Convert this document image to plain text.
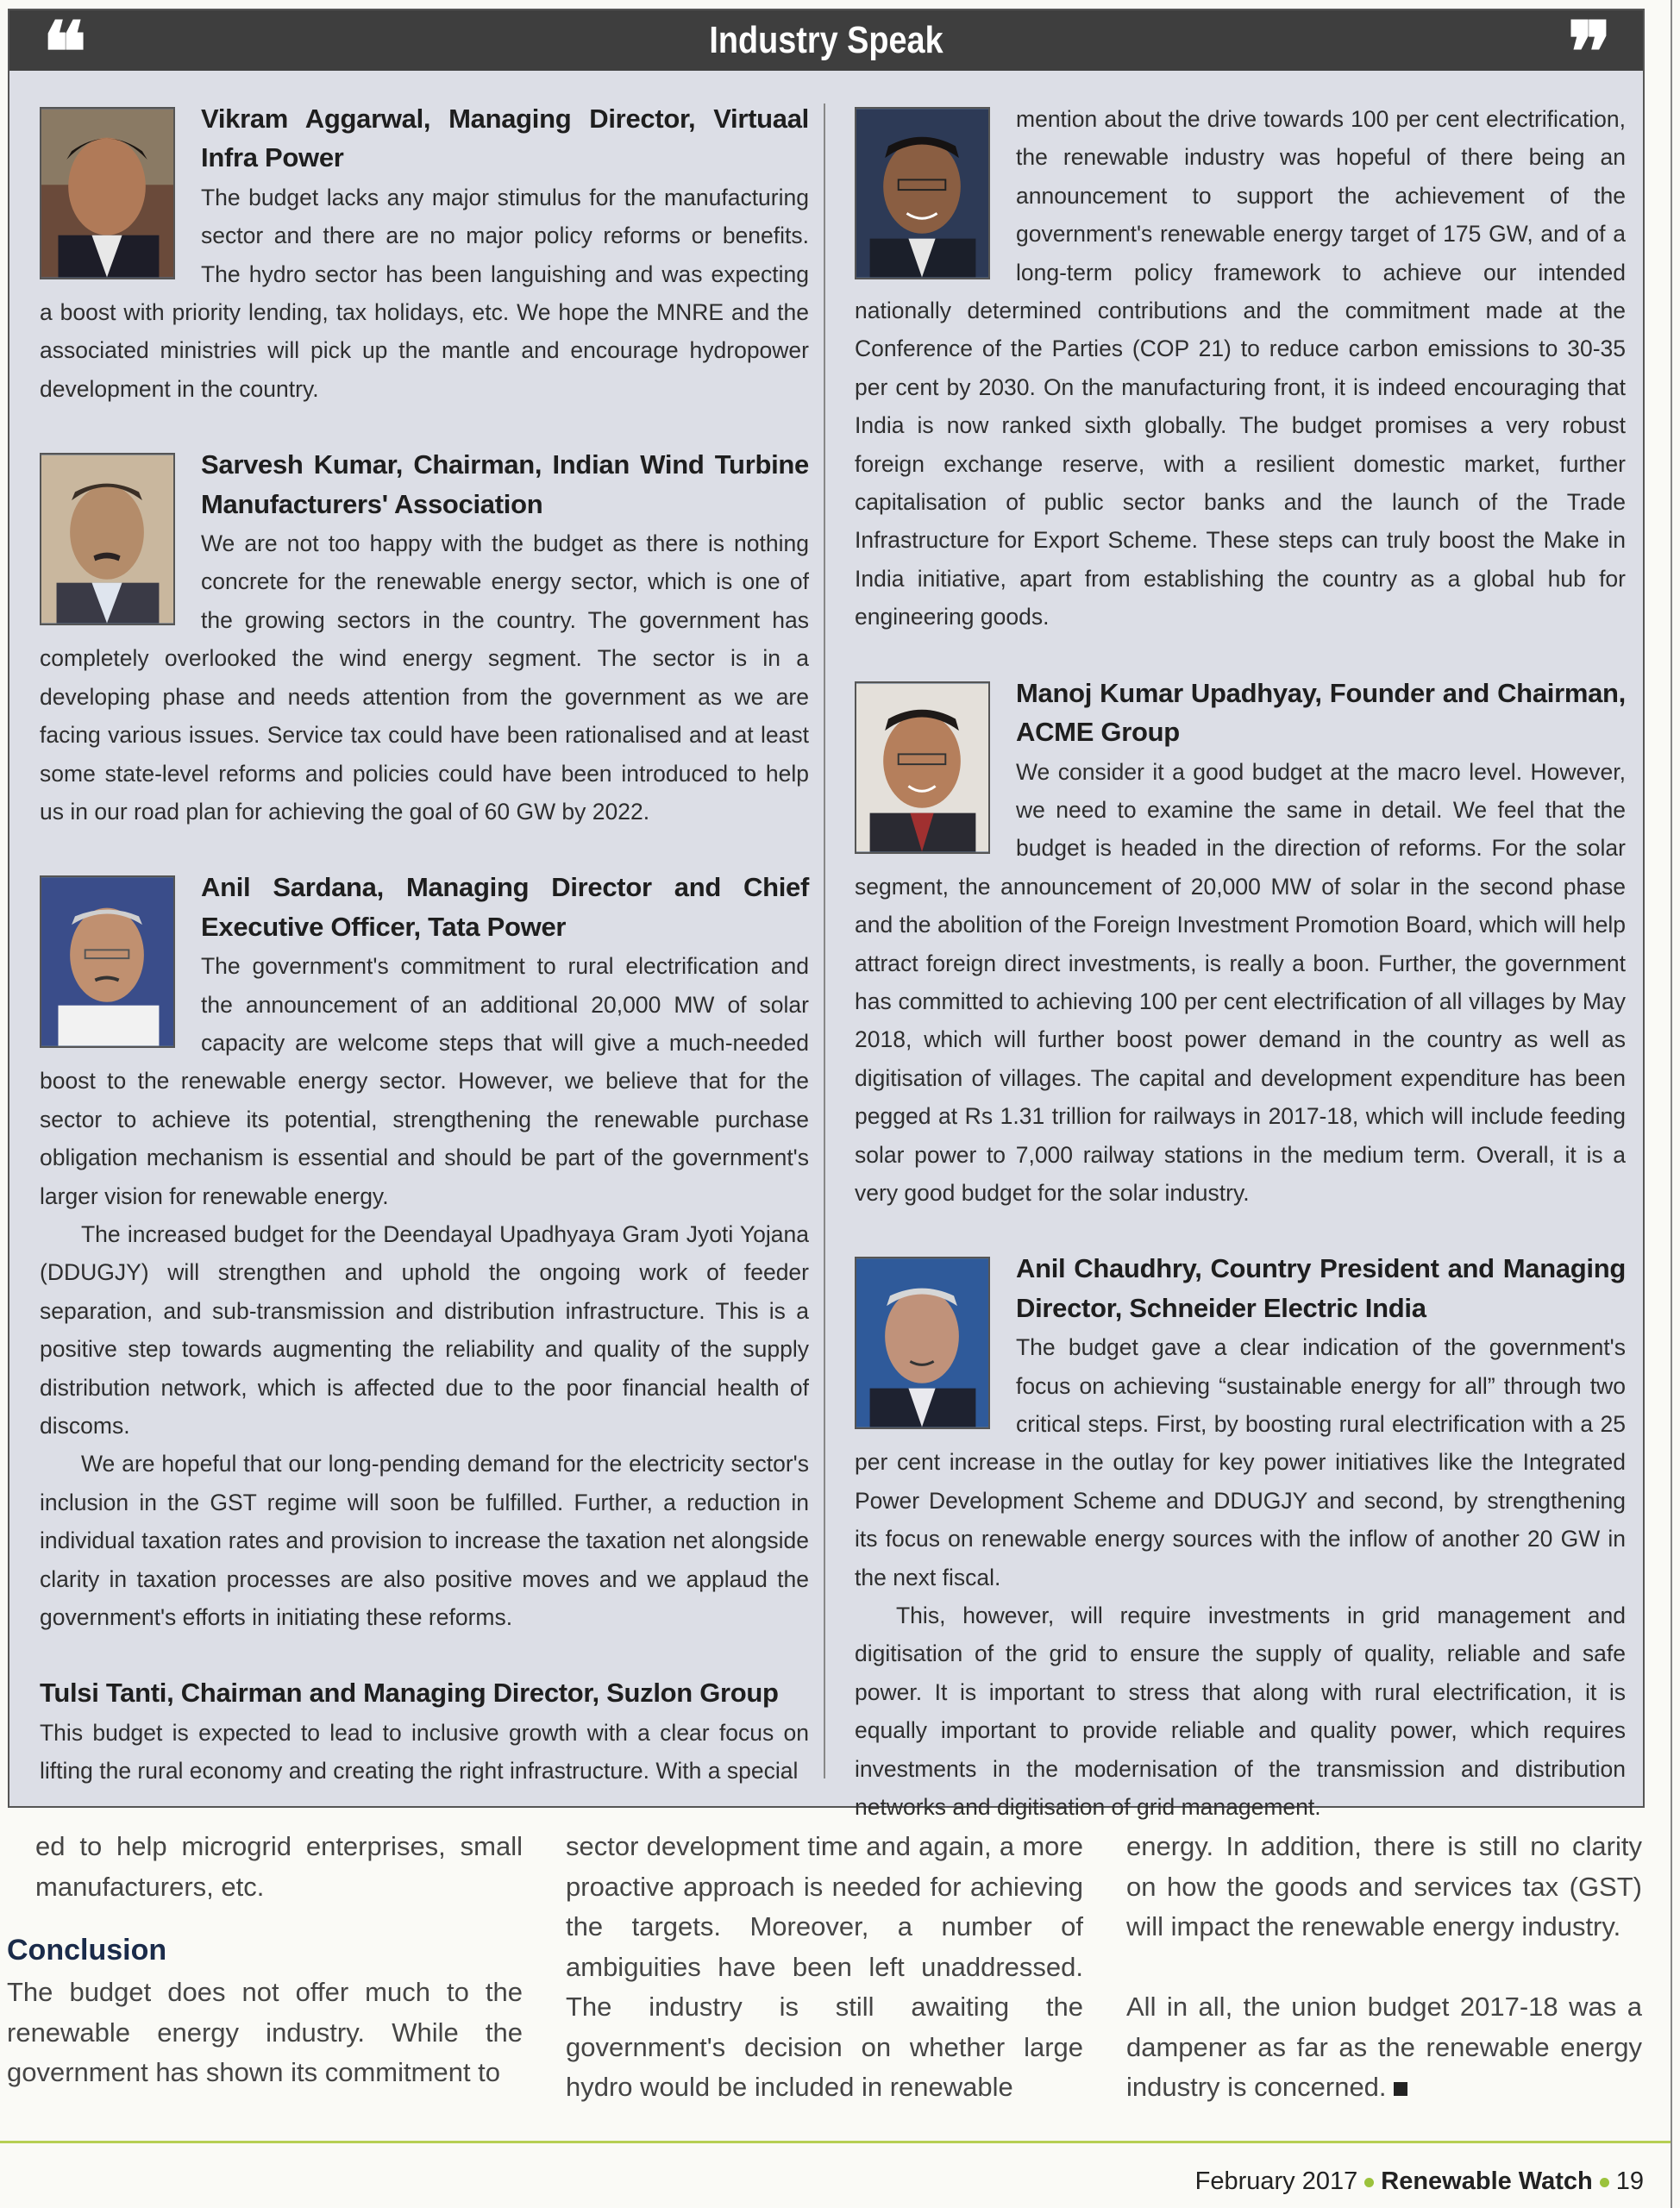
❝	Industry Speak	❞

Vikram Aggarwal, Managing Director, Virtuaal Infra Power
The budget lacks any major stimulus for the manufacturing sector and there are no major policy reforms or benefits. The hydro sector has been languishing and was expecting a boost with priority lending, tax holidays, etc. We hope the MNRE and the associated ministries will pick up the mantle and encourage hydropower development in the country.

Sarvesh Kumar, Chairman, Indian Wind Turbine Manufacturers' Association
We are not too happy with the budget as there is nothing concrete for the renewable energy sector, which is one of the growing sectors in the country. The government has completely overlooked the wind energy segment. The sector is in a developing phase and needs attention from the government as we are facing various issues. Service tax could have been rationalised and at least some state-level reforms and policies could have been introduced to help us in our road plan for achieving the goal of 60 GW by 2022.

Anil Sardana, Managing Director and Chief Executive Officer, Tata Power
The government's commitment to rural electrification and the announcement of an additional 20,000 MW of solar capacity are welcome steps that will give a much-needed boost to the renewable energy sector. However, we believe that for the sector to achieve its potential, strengthening the renewable purchase obligation mechanism is essential and should be part of the government's larger vision for renewable energy.

The increased budget for the Deendayal Upadhyaya Gram Jyoti Yojana (DDUGJY) will strengthen and uphold the ongoing work of feeder separation, and sub-transmission and distribution infrastructure. This is a positive step towards augmenting the reliability and quality of the supply distribution network, which is affected due to the poor financial health of discoms.

We are hopeful that our long-pending demand for the electricity sector's inclusion in the GST regime will soon be fulfilled. Further, a reduction in individual taxation rates and provision to increase the taxation net alongside clarity in taxation processes are also positive moves and we applaud the government's efforts in initiating these reforms.

Tulsi Tanti, Chairman and Managing Director, Suzlon Group
This budget is expected to lead to inclusive growth with a clear focus on lifting the rural economy and creating the right infrastructure. With a special

mention about the drive towards 100 per cent electrification, the renewable industry was hopeful of there being an announcement to support the achievement of the government's renewable energy target of 175 GW, and of a long-term policy framework to achieve our intended nationally determined contributions and the commitment made at the Conference of the Parties (COP 21) to reduce carbon emissions to 30-35 per cent by 2030. On the manufacturing front, it is indeed encouraging that India is now ranked sixth globally. The budget promises a very robust foreign exchange reserve, with a resilient domestic market, further capitalisation of public sector banks and the launch of the Trade Infrastructure for Export Scheme. These steps can truly boost the Make in India initiative, apart from establishing the country as a global hub for engineering goods.

Manoj Kumar Upadhyay, Founder and Chairman, ACME Group
We consider it a good budget at the macro level. However, we need to examine the same in detail. We feel that the budget is headed in the direction of reforms. For the solar segment, the announcement of 20,000 MW of solar in the second phase and the abolition of the Foreign Investment Promotion Board, which will help attract foreign direct investments, is really a boon. Further, the government has committed to achieving 100 per cent electrification of all villages by May 2018, which will further boost power demand in the country as well as digitisation of villages. The capital and development expenditure has been pegged at Rs 1.31 trillion for railways in 2017-18, which will include feeding solar power to 7,000 railway stations in the medium term. Overall, it is a very good budget for the solar industry.

Anil Chaudhry, Country President and Managing Director, Schneider Electric India
The budget gave a clear indication of the government's focus on achieving “sustainable energy for all” through two critical steps. First, by boosting rural electrification with a 25 per cent increase in the outlay for key power initiatives like the Integrated Power Development Scheme and DDUGJY and second, by strengthening its focus on renewable energy sources with the inflow of another 20 GW in the next fiscal.

This, however, will require investments in grid management and digitisation of the grid to ensure the supply of quality, reliable and safe power. It is important to stress that along with rural electrification, it is equally important to provide reliable and quality power, which requires investments in the modernisation of the transmission and distribution networks and digitisation of grid management.

ed to help microgrid enterprises, small manufacturers, etc.

Conclusion

The budget does not offer much to the renewable energy industry. While the government has shown its commitment to

sector development time and again, a more proactive approach is needed for achieving the targets. Moreover, a number of ambiguities have been left unaddressed. The industry is still awaiting the government's decision on whether large hydro would be included in renewable

energy. In addition, there is still no clarity on how the goods and services tax (GST) will impact the renewable energy industry.

All in all, the union budget 2017-18 was a dampener as far as the renewable energy industry is concerned.

February 2017 Renewable Watch 19
